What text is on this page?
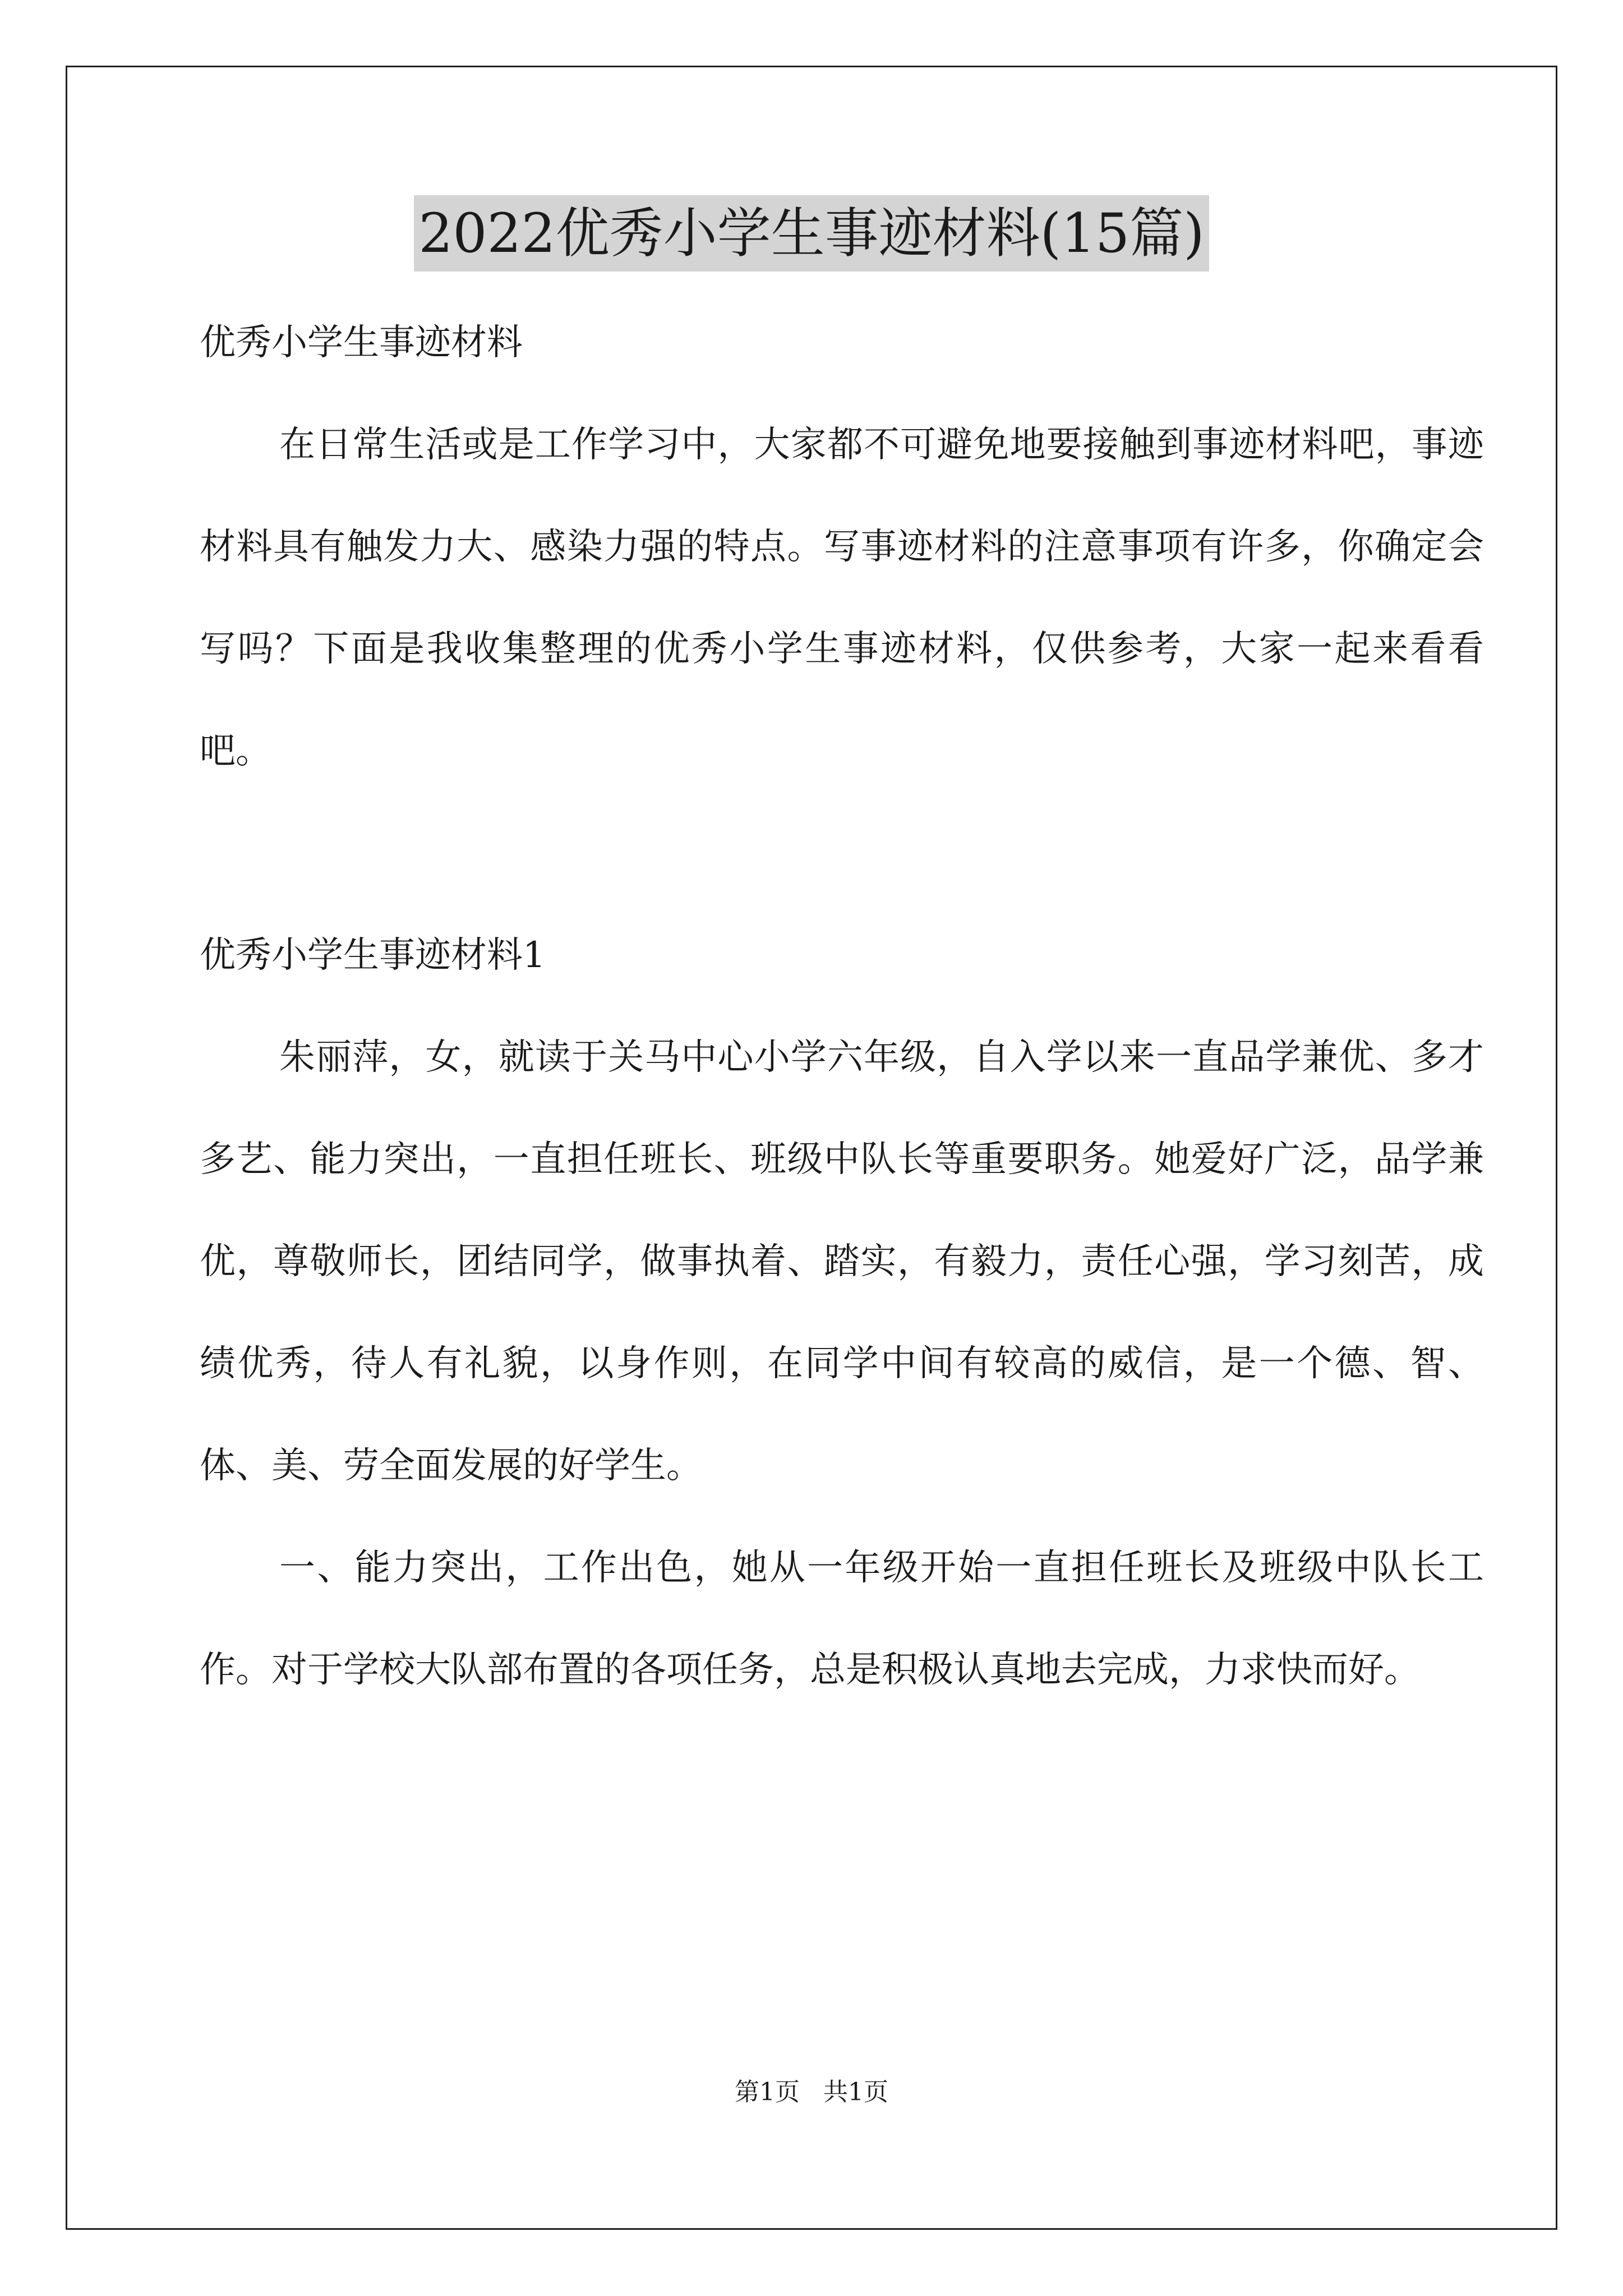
2022优秀小学生事迹材料(15篇)

优秀小学生事迹材料

在日常生活或是工作学习中，大家都不可避免地要接触到事迹材料吧，事迹材料具有触发力大、感染力强的特点。写事迹材料的注意事项有许多，你确定会写吗？下面是我收集整理的优秀小学生事迹材料，仅供参考，大家一起来看看吧。

优秀小学生事迹材料1

朱丽萍，女，就读于关马中心小学六年级，自入学以来一直品学兼优、多才多艺、能力突出，一直担任班长、班级中队长等重要职务。她爱好广泛，品学兼优，尊敬师长，团结同学，做事执着、踏实，有毅力，责任心强，学习刻苦，成绩优秀，待人有礼貌，以身作则，在同学中间有较高的威信，是一个德、智、体、美、劳全面发展的好学生。

一、能力突出，工作出色，她从一年级开始一直担任班长及班级中队长工作。对于学校大队部布置的各项任务，总是积极认真地去完成，力求快而好。

第1页   共1页
